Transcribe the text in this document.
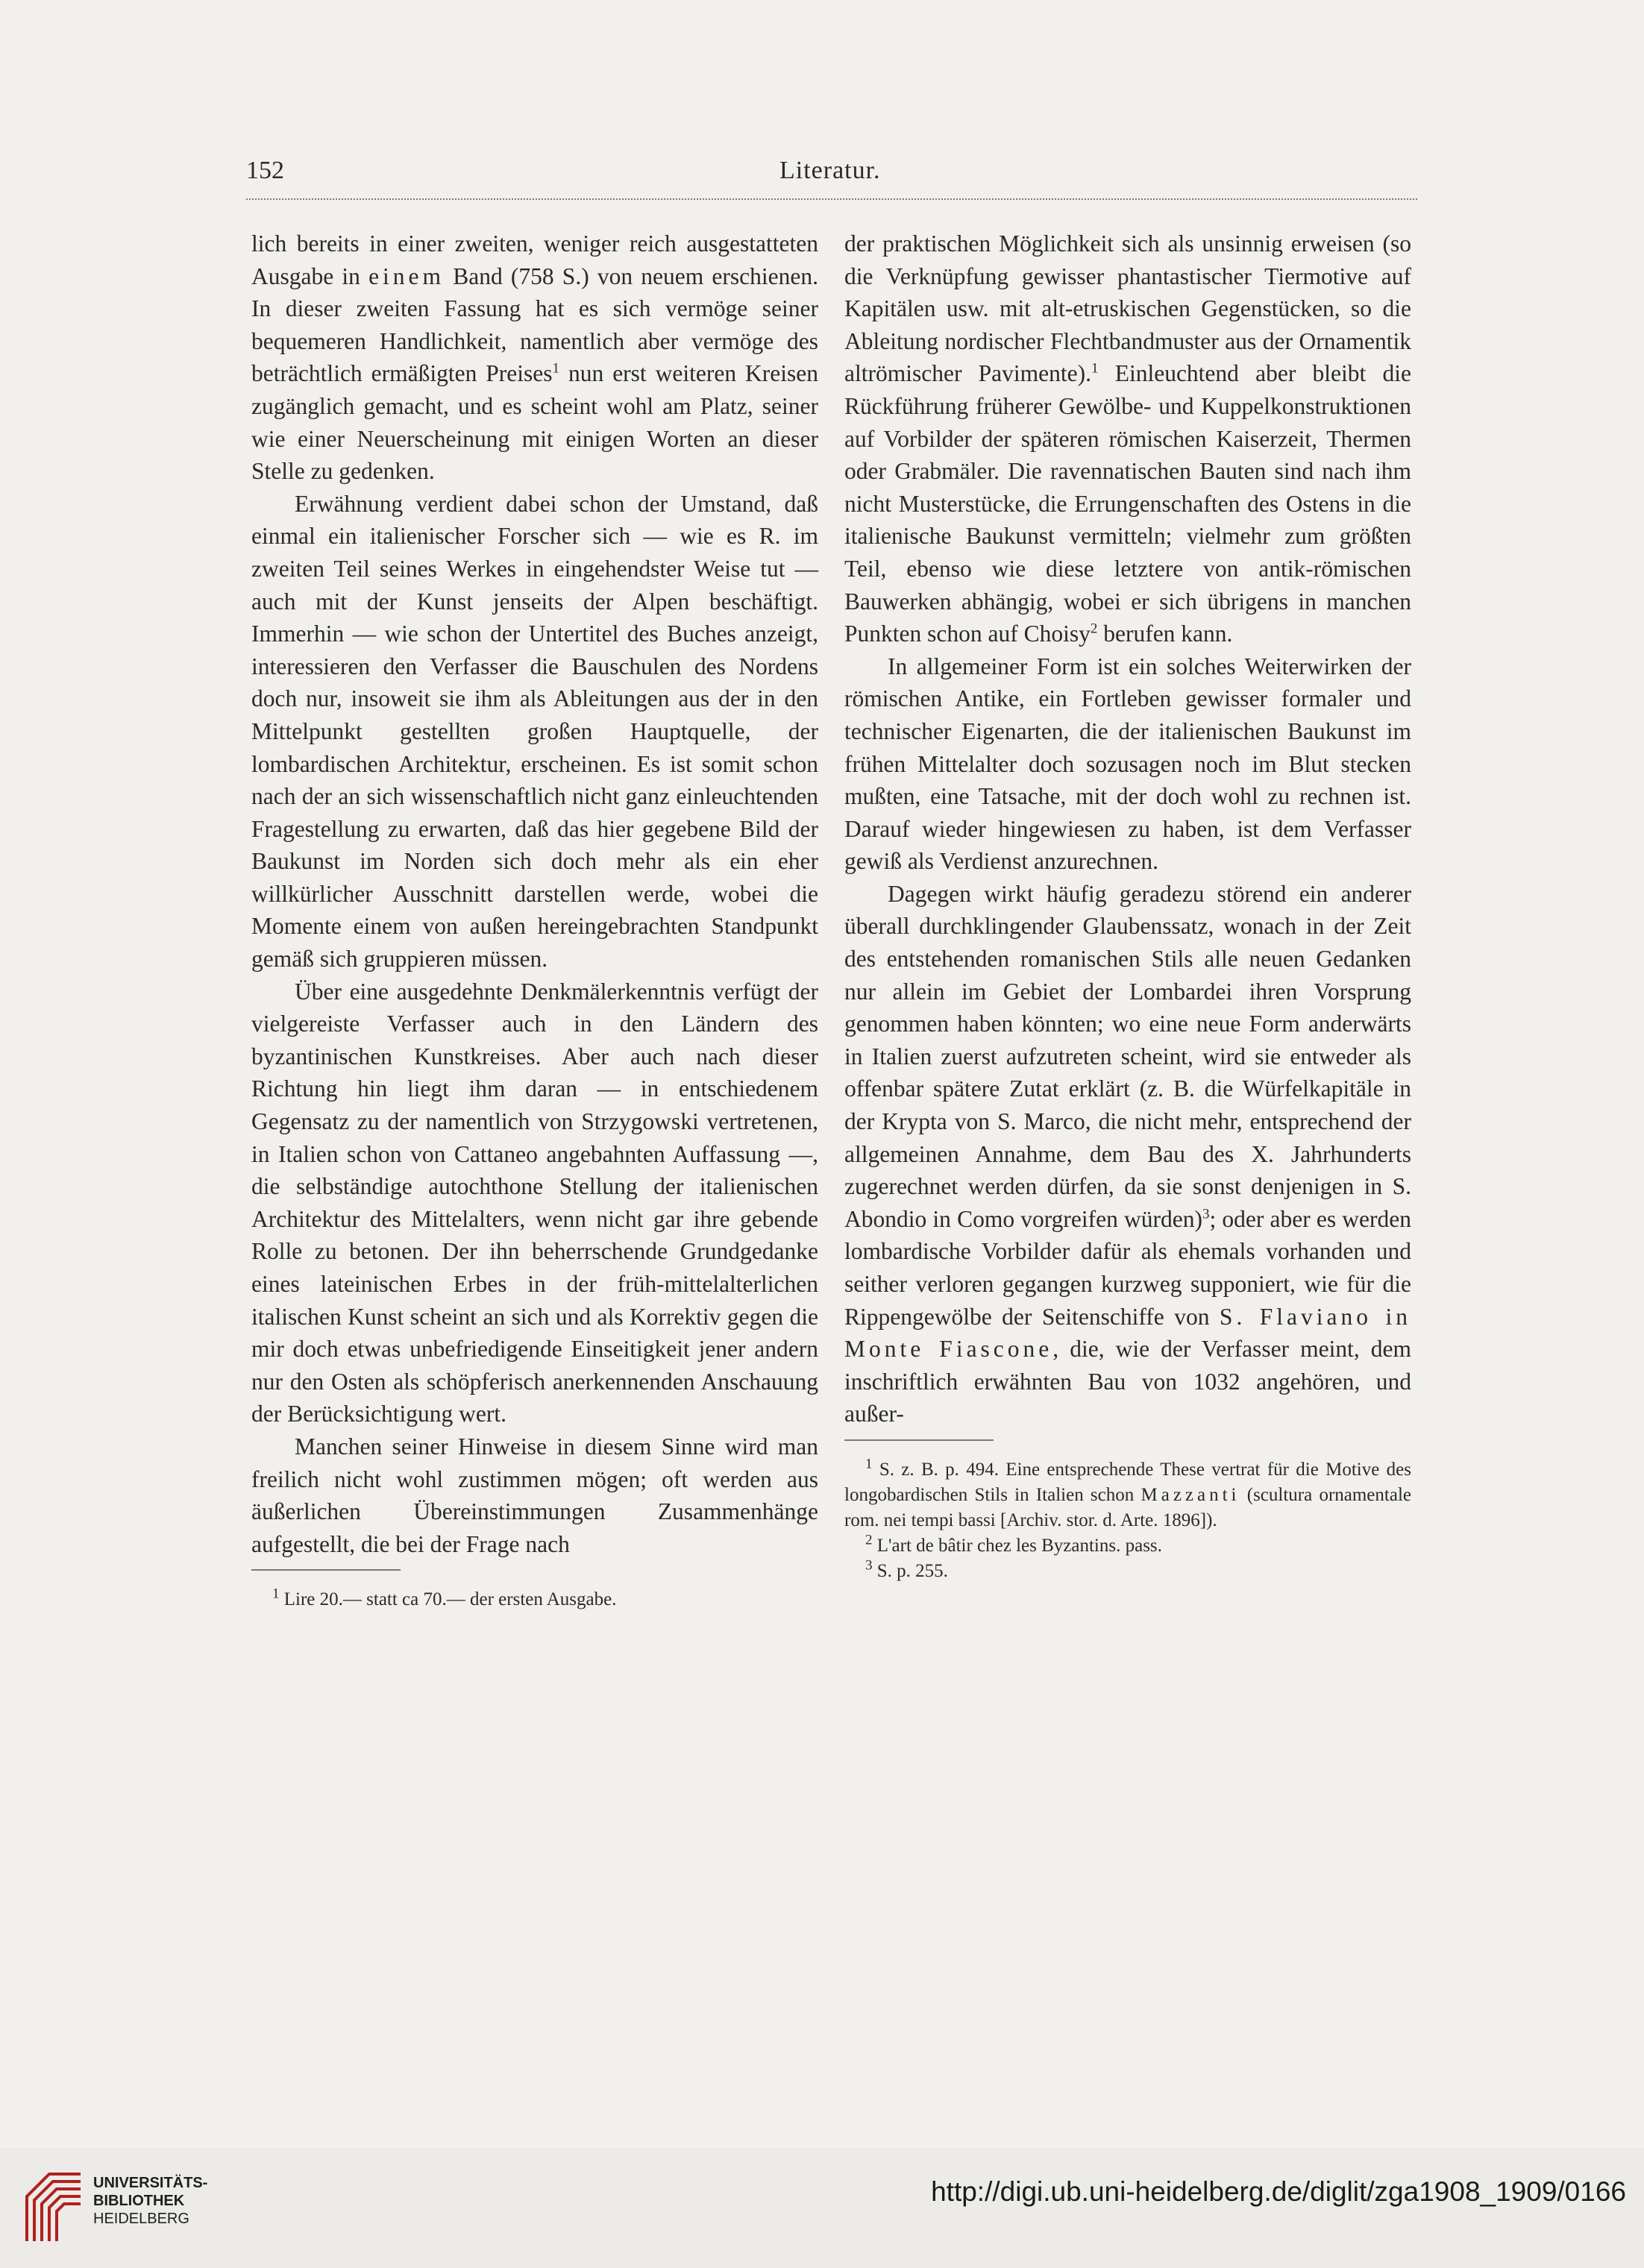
152	Literatur.

lich bereits in einer zweiten, weniger reich ausgestatteten Ausgabe in einem Band (758 S.) von neuem erschienen. In dieser zweiten Fassung hat es sich vermöge seiner bequemeren Handlichkeit, namentlich aber vermöge des beträchtlich ermäßigten Preises$^1$ nun erst weiteren Kreisen zugänglich gemacht, und es scheint wohl am Platz, seiner wie einer Neuerscheinung mit einigen Worten an dieser Stelle zu gedenken.

Erwähnung verdient dabei schon der Umstand, daß einmal ein italienischer Forscher sich — wie es R. im zweiten Teil seines Werkes in eingehendster Weise tut — auch mit der Kunst jenseits der Alpen beschäftigt. Immerhin — wie schon der Untertitel des Buches anzeigt, interessieren den Verfasser die Bauschulen des Nordens doch nur, insoweit sie ihm als Ableitungen aus der in den Mittelpunkt gestellten großen Hauptquelle, der lombardischen Architektur, erscheinen. Es ist somit schon nach der an sich wissenschaftlich nicht ganz einleuchtenden Fragestellung zu erwarten, daß das hier gegebene Bild der Baukunst im Norden sich doch mehr als ein eher willkürlicher Ausschnitt darstellen werde, wobei die Momente einem von außen hereingebrachten Standpunkt gemäß sich gruppieren müssen.

Über eine ausgedehnte Denkmälerkenntnis verfügt der vielgereiste Verfasser auch in den Ländern des byzantinischen Kunstkreises. Aber auch nach dieser Richtung hin liegt ihm daran — in entschiedenem Gegensatz zu der namentlich von Strzygowski vertretenen, in Italien schon von Cattaneo angebahnten Auffassung —, die selbständige autochthone Stellung der italienischen Architektur des Mittelalters, wenn nicht gar ihre gebende Rolle zu betonen. Der ihn beherrschende Grundgedanke eines lateinischen Erbes in der früh-mittelalterlichen italischen Kunst scheint an sich und als Korrektiv gegen die mir doch etwas unbefriedigende Einseitigkeit jener andern nur den Osten als schöpferisch anerkennenden Anschauung der Berücksichtigung wert.

Manchen seiner Hinweise in diesem Sinne wird man freilich nicht wohl zustimmen mögen; oft werden aus äußerlichen Übereinstimmungen Zusammenhänge aufgestellt, die bei der Frage nach

$^1$ Lire 20.— statt ca 70.— der ersten Ausgabe.

der praktischen Möglichkeit sich als unsinnig erweisen (so die Verknüpfung gewisser phantastischer Tiermotive auf Kapitälen usw. mit alt-etruskischen Gegenstücken, so die Ableitung nordischer Flechtbandmuster aus der Ornamentik altrömischer Pavimente).$^1$ Einleuchtend aber bleibt die Rückführung früherer Gewölbe- und Kuppelkonstruktionen auf Vorbilder der späteren römischen Kaiserzeit, Thermen oder Grabmäler. Die ravennatischen Bauten sind nach ihm nicht Musterstücke, die Errungenschaften des Ostens in die italienische Baukunst vermitteln; vielmehr zum größten Teil, ebenso wie diese letztere von antik-römischen Bauwerken abhängig, wobei er sich übrigens in manchen Punkten schon auf Choisy$^2$ berufen kann.

In allgemeiner Form ist ein solches Weiterwirken der römischen Antike, ein Fortleben gewisser formaler und technischer Eigenarten, die der italienischen Baukunst im frühen Mittelalter doch sozusagen noch im Blut stecken mußten, eine Tatsache, mit der doch wohl zu rechnen ist. Darauf wieder hingewiesen zu haben, ist dem Verfasser gewiß als Verdienst anzurechnen.

Dagegen wirkt häufig geradezu störend ein anderer überall durchklingender Glaubenssatz, wonach in der Zeit des entstehenden romanischen Stils alle neuen Gedanken nur allein im Gebiet der Lombardei ihren Vorsprung genommen haben könnten; wo eine neue Form anderwärts in Italien zuerst aufzutreten scheint, wird sie entweder als offenbar spätere Zutat erklärt (z. B. die Würfelkapitäle in der Krypta von S. Marco, die nicht mehr, entsprechend der allgemeinen Annahme, dem Bau des X. Jahrhunderts zugerechnet werden dürfen, da sie sonst denjenigen in S. Abondio in Como vorgreifen würden)$^3$; oder aber es werden lombardische Vorbilder dafür als ehemals vorhanden und seither verloren gegangen kurzweg supponiert, wie für die Rippengewölbe der Seitenschiffe von S. Flaviano in Monte Fiascone, die, wie der Verfasser meint, dem inschriftlich erwähnten Bau von 1032 angehören, und außer-

$^1$ S. z. B. p. 494. Eine entsprechende These vertrat für die Motive des longobardischen Stils in Italien schon Mazzanti (scultura ornamentale rom. nei tempi bassi [Archiv. stor. d. Arte. 1896]).

$^2$ L'art de bâtir chez les Byzantins. pass.

$^3$ S. p. 255.

UNIVERSITÄTS-
BIBLIOTHEK
HEIDELBERG
http://digi.ub.uni-heidelberg.de/diglit/zga1908_1909/0166
